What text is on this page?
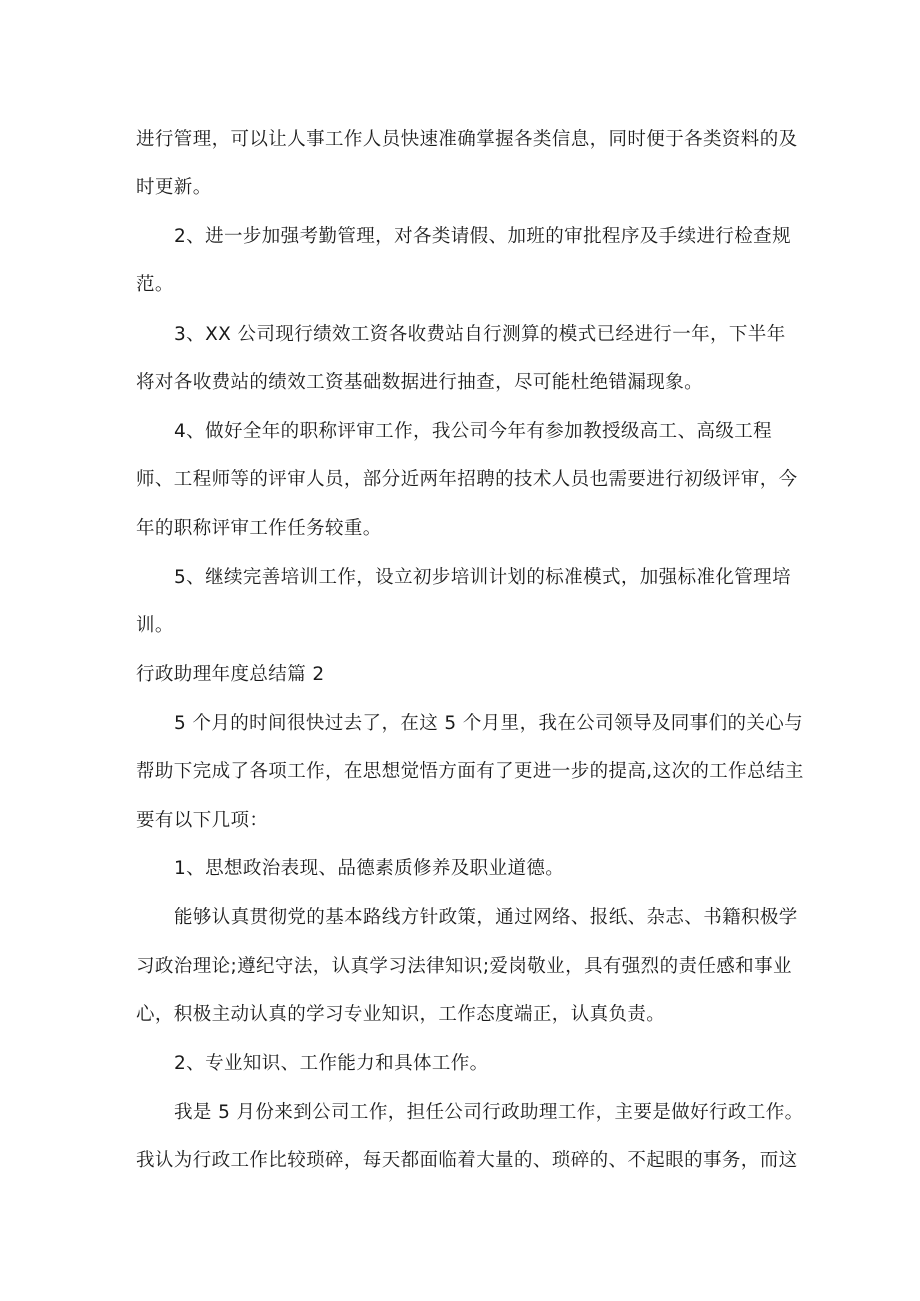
进行管理，可以让人事工作人员快速准确掌握各类信息，同时便于各类资料的及
时更新。
2、进一步加强考勤管理，对各类请假、加班的审批程序及手续进行检查规
范。
3、XX 公司现行绩效工资各收费站自行测算的模式已经进行一年，下半年
将对各收费站的绩效工资基础数据进行抽查，尽可能杜绝错漏现象。
4、做好全年的职称评审工作，我公司今年有参加教授级高工、高级工程
师、工程师等的评审人员，部分近两年招聘的技术人员也需要进行初级评审，今
年的职称评审工作任务较重。
5、继续完善培训工作，设立初步培训计划的标准模式，加强标准化管理培
训。
行政助理年度总结篇 2
5 个月的时间很快过去了，在这 5 个月里，我在公司领导及同事们的关心与
帮助下完成了各项工作，在思想觉悟方面有了更进一步的提高,这次的工作总结主
要有以下几项：
1、思想政治表现、品德素质修养及职业道德。
能够认真贯彻党的基本路线方针政策，通过网络、报纸、杂志、书籍积极学
习政治理论;遵纪守法，认真学习法律知识;爱岗敬业，具有强烈的责任感和事业
心，积极主动认真的学习专业知识，工作态度端正，认真负责。
2、专业知识、工作能力和具体工作。
我是 5 月份来到公司工作，担任公司行政助理工作，主要是做好行政工作。
我认为行政工作比较琐碎，每天都面临着大量的、琐碎的、不起眼的事务，而这
